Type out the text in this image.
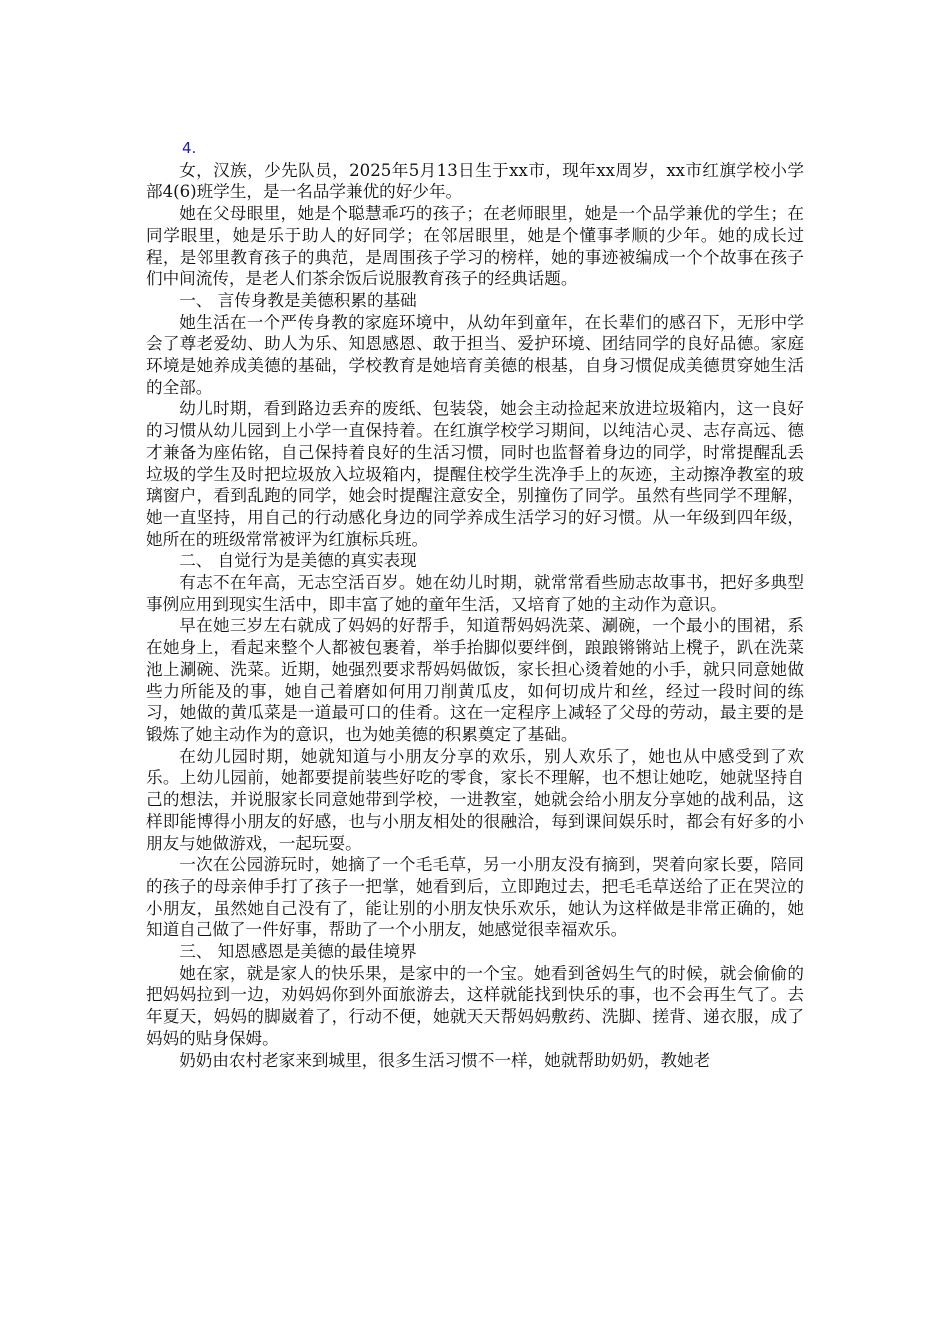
4.

女，汉族，少先队员，2025年5月13日生于xx市，现年xx周岁，xx市红旗学校小学部4(6)班学生，是一名品学兼优的好少年。

她在父母眼里，她是个聪慧乖巧的孩子；在老师眼里，她是一个品学兼优的学生；在同学眼里，她是乐于助人的好同学；在邻居眼里，她是个懂事孝顺的少年。她的成长过程，是邻里教育孩子的典范，是周围孩子学习的榜样，她的事迹被编成一个个故事在孩子们中间流传，是老人们茶余饭后说服教育孩子的经典话题。

一、 言传身教是美德积累的基础

她生活在一个严传身教的家庭环境中，从幼年到童年，在长辈们的感召下，无形中学会了尊老爱幼、助人为乐、知恩感恩、敢于担当、爱护环境、团结同学的良好品德。家庭环境是她养成美德的基础，学校教育是她培育美德的根基，自身习惯促成美德贯穿她生活的全部。

幼儿时期，看到路边丢弃的废纸、包装袋，她会主动捡起来放进垃圾箱内，这一良好的习惯从幼儿园到上小学一直保持着。在红旗学校学习期间，以纯洁心灵、志存高远、德才兼备为座佑铭，自己保持着良好的生活习惯，同时也监督着身边的同学，时常提醒乱丢垃圾的学生及时把垃圾放入垃圾箱内，提醒住校学生洗净手上的灰迹，主动擦净教室的玻璃窗户，看到乱跑的同学，她会时提醒注意安全，别撞伤了同学。虽然有些同学不理解，她一直坚持，用自己的行动感化身边的同学养成生活学习的好习惯。从一年级到四年级，她所在的班级常常被评为红旗标兵班。

二、 自觉行为是美德的真实表现

有志不在年高，无志空活百岁。她在幼儿时期，就常常看些励志故事书，把好多典型事例应用到现实生活中，即丰富了她的童年生活，又培育了她的主动作为意识。

早在她三岁左右就成了妈妈的好帮手，知道帮妈妈洗菜、涮碗，一个最小的围裙，系在她身上，看起来整个人都被包裹着，举手抬脚似要绊倒，踉踉锵锵站上櫈子，趴在洗菜池上涮碗、洗菜。近期，她强烈要求帮妈妈做饭，家长担心烫着她的小手，就只同意她做些力所能及的事，她自己着磨如何用刀削黄瓜皮，如何切成片和丝，经过一段时间的练习，她做的黄瓜菜是一道最可口的佳肴。这在一定程序上减轻了父母的劳动，最主要的是锻炼了她主动作为的意识，也为她美德的积累奠定了基础。

在幼儿园时期，她就知道与小朋友分享的欢乐，别人欢乐了，她也从中感受到了欢乐。上幼儿园前，她都要提前装些好吃的零食，家长不理解，也不想让她吃，她就坚持自己的想法，并说服家长同意她带到学校，一进教室，她就会给小朋友分享她的战利品，这样即能博得小朋友的好感，也与小朋友相处的很融洽，每到课间娱乐时，都会有好多的小朋友与她做游戏，一起玩耍。

一次在公园游玩时，她摘了一个毛毛草，另一小朋友没有摘到，哭着向家长要，陪同的孩子的母亲伸手打了孩子一把掌，她看到后，立即跑过去，把毛毛草送给了正在哭泣的小朋友，虽然她自己没有了，能让别的小朋友快乐欢乐，她认为这样做是非常正确的，她知道自己做了一件好事，帮助了一个小朋友，她感觉很幸福欢乐。

三、 知恩感恩是美德的最佳境界

她在家，就是家人的快乐果，是家中的一个宝。她看到爸妈生气的时候，就会偷偷的把妈妈拉到一边，劝妈妈你到外面旅游去，这样就能找到快乐的事，也不会再生气了。去年夏天，妈妈的脚崴着了，行动不便，她就天天帮妈妈敷药、洗脚、搓背、递衣服，成了妈妈的贴身保姆。

奶奶由农村老家来到城里，很多生活习惯不一样，她就帮助奶奶，教她老
